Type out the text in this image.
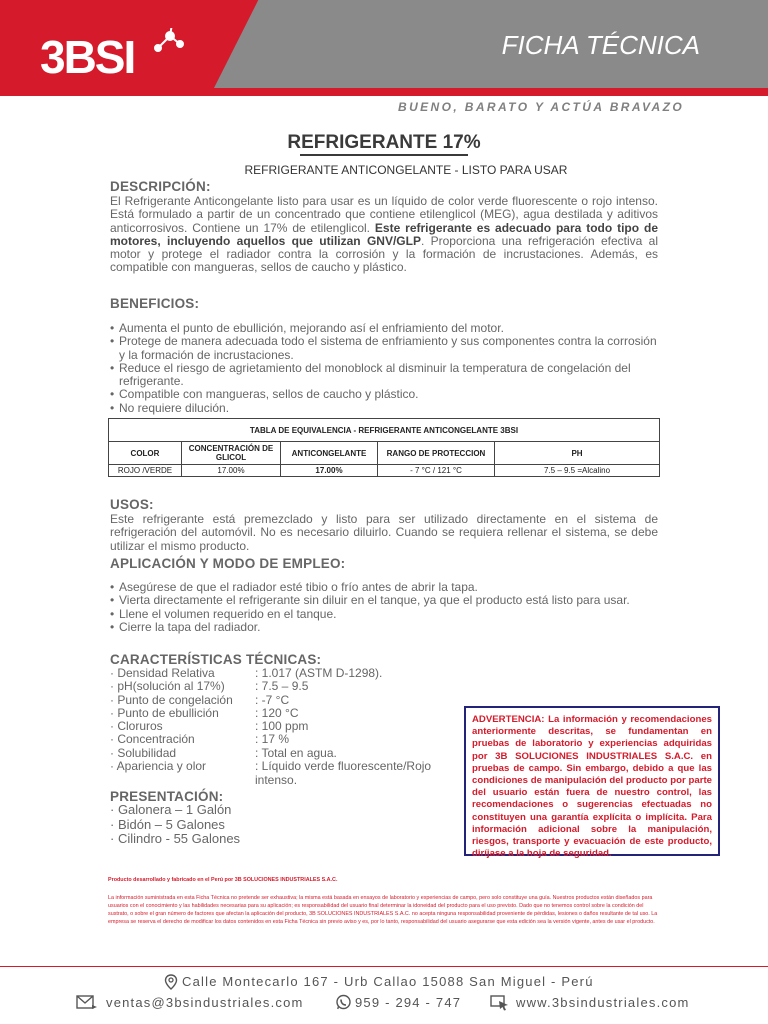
3BSI	FICHA TÉCNICA
BUENO, BARATO Y ACTÚA BRAVAZO
REFRIGERANTE 17%
REFRIGERANTE ANTICONGELANTE - LISTO PARA USAR
DESCRIPCIÓN:
El Refrigerante Anticongelante listo para usar es un líquido de color verde fluorescente o rojo intenso. Está formulado a partir de un concentrado que contiene etilenglicol (MEG), agua destilada y aditivos anticorrosivos. Contiene un 17% de etilenglicol. Este refrigerante es adecuado para todo tipo de motores, incluyendo aquellos que utilizan GNV/GLP. Proporciona una refrigeración efectiva al motor y protege el radiador contra la corrosión y la formación de incrustaciones. Además, es compatible con mangueras, sellos de caucho y plástico.
BENEFICIOS:
• Aumenta el punto de ebullición, mejorando así el enfriamiento del motor.
• Protege de manera adecuada todo el sistema de enfriamiento y sus componentes contra la corrosión y la formación de incrustaciones.
• Reduce el riesgo de agrietamiento del monoblock al disminuir la temperatura de congelación del refrigerante.
• Compatible con mangueras, sellos de caucho y plástico.
• No requiere dilución.
TABLA DE EQUIVALENCIA - REFRIGERANTE ANTICONGELANTE 3BSI				
COLOR	CONCENTRACIÓN DE GLICOL	ANTICONGELANTE	RANGO DE PROTECCION	PH
ROJO /VERDE	17.00%	17.00%	- 7 °C / 121 °C	7.5 – 9.5 =Alcalino
USOS:
Este refrigerante está premezclado y listo para ser utilizado directamente en el sistema de refrigeración del automóvil. No es necesario diluirlo. Cuando se requiera rellenar el sistema, se debe utilizar el mismo producto.
APLICACIÓN Y MODO DE EMPLEO:
• Asegúrese de que el radiador esté tibio o frío antes de abrir la tapa.
• Vierta directamente el refrigerante sin diluir en el tanque, ya que el producto está listo para usar.
• Llene el volumen requerido en el tanque.
• Cierre la tapa del radiador.
CARACTERÍSTICAS TÉCNICAS:
· Densidad Relativa	: 1.017 (ASTM D-1298).
· pH(solución al 17%)	: 7.5 – 9.5
· Punto de congelación : -7 °C
· Punto de ebullición	: 120 °C
· Cloruros	: 100 ppm
· Concentración	: 17 %
· Solubilidad	: Total en agua.
· Apariencia y olor	: Líquido verde fluorescente/Rojo
intenso.
PRESENTACIÓN:
· Galonera – 1 Galón
· Bidón – 5 Galones
· Cilindro - 55 Galones
ADVERTENCIA: La información y recomendaciones anteriormente descritas, se fundamentan en pruebas de laboratorio y experiencias adquiridas por 3B SOLUCIONES INDUSTRIALES S.A.C. en pruebas de campo. Sin embargo, debido a que las condiciones de manipulación del producto por parte del usuario están fuera de nuestro control, las recomendaciones o sugerencias efectuadas no constituyen una garantía explícita o implícita. Para información adicional sobre la manipulación, riesgos, transporte y evacuación de este producto, diríjase a la hoja de seguridad.
Producto desarrollado y fabricado en el Perú por 3B SOLUCIONES INDUSTRIALES S.A.C.
La información suministrada en esta Ficha Técnica no pretende ser exhaustiva; la misma está basada en ensayos de laboratorio y experiencias de campo, pero solo constituye una guía. Nuestros productos están diseñados para usuarios con el conocimiento y las habilidades necesarias para su aplicación; es responsabilidad del usuario final determinar la idoneidad del producto para el uso previsto. Dado que no tenemos control sobre la condición del sustrato, o sobre el gran número de factores que afectan la aplicación del producto, 3B SOLUCIONES INDUSTRIALES S.A.C. no acepta ninguna responsabilidad proveniente de pérdidas, lesiones o daños resultante de tal uso. La empresa se reserva el derecho de modificar los datos contenidos en esta Ficha Técnica sin previo aviso y es, por lo tanto, responsabilidad del usuario asegurarse que esta edición sea la versión vigente, antes de usar el producto.
Calle Montecarlo 167 - Urb Callao 15088 San Miguel - Perú
ventas@3bsindustriales.com	959 - 294 - 747	www.3bsindustriales.com
